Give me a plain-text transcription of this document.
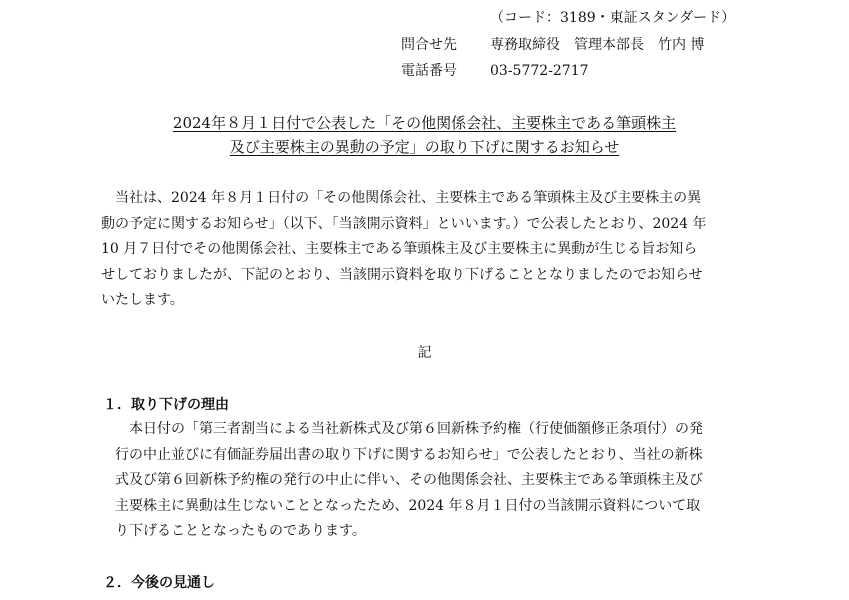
（コード：3189・東証スタンダード）
問合せ先 専務取締役　管理本部長　竹内 博
電話番号 03-5772-2717
2024年８月１日付で公表した「その他関係会社、主要株主である筆頭株主
及び主要株主の異動の予定」の取り下げに関するお知らせ
　当社は、2024 年８月１日付の「その他関係会社、主要株主である筆頭株主及び主要株主の異
動の予定に関するお知らせ」（以下、「当該開示資料」といいます。）で公表したとおり、2024 年
10 月７日付でその他関係会社、主要株主である筆頭株主及び主要株主に異動が生じる旨お知ら
せしておりましたが、下記のとおり、当該開示資料を取り下げることとなりましたのでお知らせ
いたします。
記
１．取り下げの理由
　本日付の「第三者割当による当社新株式及び第６回新株予約権（行使価額修正条項付）の発
行の中止並びに有価証券届出書の取り下げに関するお知らせ」で公表したとおり、当社の新株
式及び第６回新株予約権の発行の中止に伴い、その他関係会社、主要株主である筆頭株主及び
主要株主に異動は生じないこととなったため、2024 年８月１日付の当該開示資料について取
り下げることとなったものであります。
２．今後の見通し
